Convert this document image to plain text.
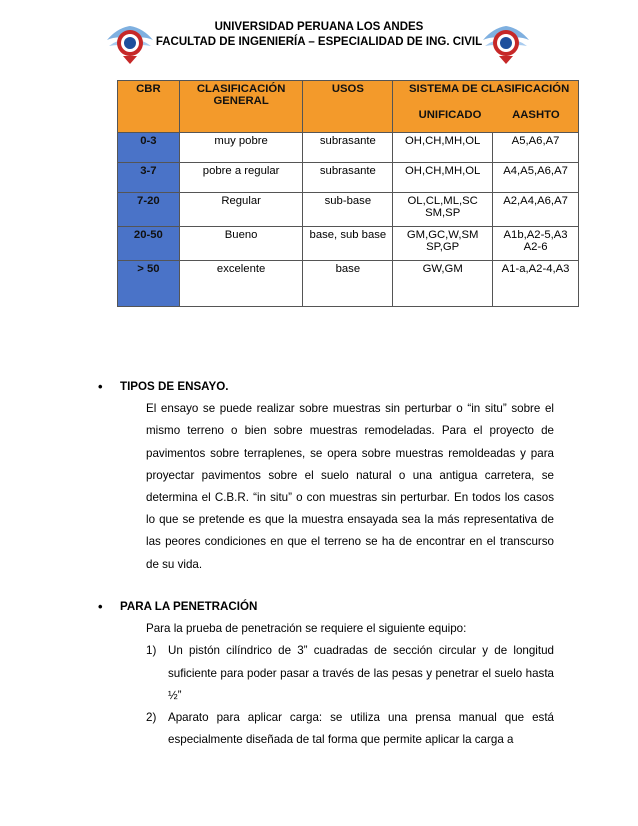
UNIVERSIDAD PERUANA LOS ANDES
FACULTAD DE INGENIERÍA – ESPECIALIDAD DE ING. CIVIL
CBR	CLASIFICACIÓN GENERAL	USOS	SISTEMA DE CLASIFICACIÓN
UNIFICADO AASHTO	

0-3	muy pobre	subrasante	OH,CH,MH,OL	A5,A6,A7
3-7	pobre a regular	subrasante	OH,CH,MH,OL	A4,A5,A6,A7
7-20	Regular	sub-base	OL,CL,ML,SC SM,SP	A2,A4,A6,A7
20-50	Bueno	base, sub base	GM,GC,W,SM SP,GP	A1b,A2-5,A3 A2-6
> 50	excelente	base	GW,GM	A1-a,A2-4,A3
• TIPOS DE ENSAYO.

El ensayo se puede realizar sobre muestras sin perturbar o “in situ” sobre el mismo terreno o bien sobre muestras remodeladas. Para el proyecto de pavimentos sobre terraplenes, se opera sobre muestras remoldeadas y para proyectar pavimentos sobre el suelo natural o una antigua carretera, se determina el C.B.R. “in situ” o con muestras sin perturbar. En todos los casos lo que se pretende es que la muestra ensayada sea la más representativa de las peores condiciones en que el terreno se ha de encontrar en el transcurso de su vida.

• PARA LA PENETRACIÓN
Para la prueba de penetración se requiere el siguiente equipo:
1) Un pistón cilíndrico de 3” cuadradas de sección circular y de longitud suficiente para poder pasar a través de las pesas y penetrar el suelo hasta ½”
2) Aparato para aplicar carga: se utiliza una prensa manual que está especialmente diseñada de tal forma que permite aplicar la carga a
